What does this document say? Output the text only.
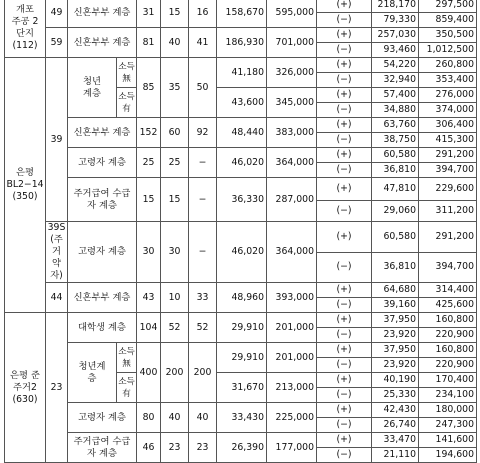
개포
주공 2
단지
(112)	49	신혼부부 계층		31	15	16	158,670	595,000	(+)	218,170	297,500
									(−)	79,330	859,400
	59	신혼부부 계층		81	40	41	186,930	701,000	(+)	257,030	350,500
									(−)	93,460	1,012,500
은평
BL2−14
(350)	39	청년
계층	소득
無	85	35	50	41,180	326,000	(+)	54,220	260,800
									(−)	32,940	353,400
			소득
有				43,600	345,000	(+)	57,400	276,000
									(−)	34,880	374,000
		신혼부부 계층		152	60	92	48,440	383,000	(+)	63,760	306,400
									(−)	38,750	415,300
		고령자 계층		25	25	−	46,020	364,000	(+)	60,580	291,200
									(−)	36,810	394,700
		주거급여 수급
자 계층		15	15	−	36,330	287,000	(+)	47,810	229,600
									(−)	29,060	311,200
	39S
(주거
약자)	고령자 계층		30	30	−	46,020	364,000	(+)	60,580	291,200
									(−)	36,810	394,700
	44	신혼부부 계층		43	10	33	48,960	393,000	(+)	64,680	314,400
									(−)	39,160	425,600
은평 준
주거2
(630)	23	대학생 계층		104	52	52	29,910	201,000	(+)	37,950	160,800
									(−)	23,920	220,900
		청년계
층	소득
無	400	200	200	29,910	201,000	(+)	37,950	160,800
									(−)	23,920	220,900
			소득
有				31,670	213,000	(+)	40,190	170,400
									(−)	25,330	234,100
		고령자 계층		80	40	40	33,430	225,000	(+)	42,430	180,000
									(−)	26,740	247,300
		주거급여 수급
자 계층		46	23	23	26,390	177,000	(+)	33,470	141,600
									(−)	21,110	194,600
